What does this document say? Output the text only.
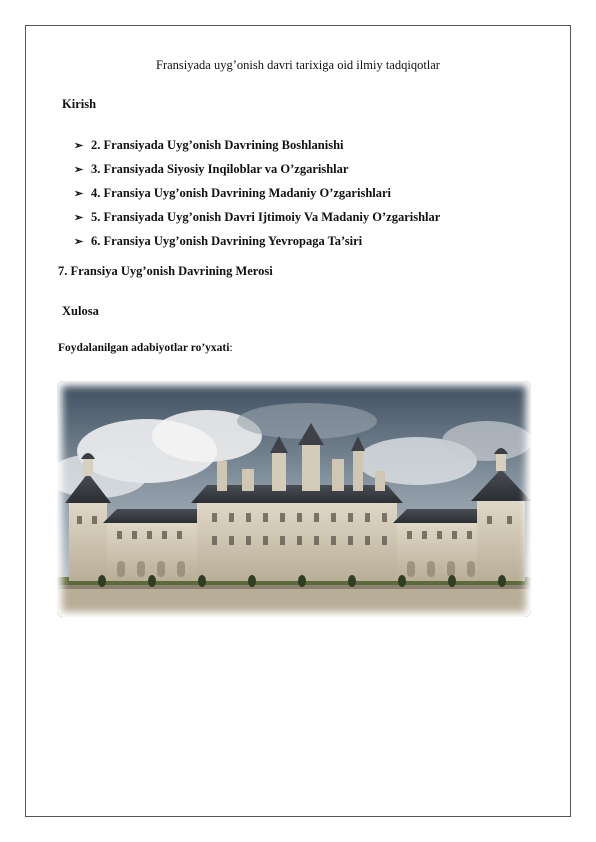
Fransiyada uyg’onish davri tarixiga oid ilmiy tadqiqotlar
Kirish
➢ 2. Fransiyada Uyg’onish Davrining Boshlanishi
➢ 3. Fransiyada Siyosiy Inqiloblar va O’zgarishlar
➢ 4. Fransiya Uyg’onish Davrining Madaniy O’zgarishlari
➢ 5. Fransiyada Uyg’onish Davri Ijtimoiy Va Madaniy O’zgarishlar
➢ 6. Fransiya Uyg’onish Davrining Yevropaga Ta’siri
7. Fransiya Uyg’onish Davrining Merosi
Xulosa
Foydalanilgan adabiyotlar ro’yxati:
